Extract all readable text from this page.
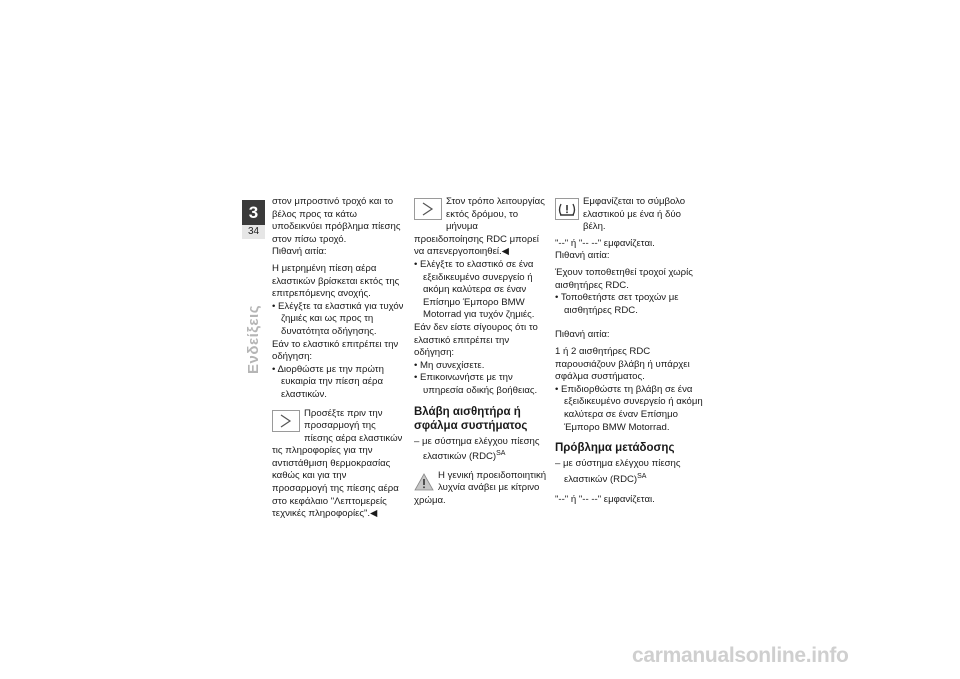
3
34
Ενδείξεις

στον μπροστινό τροχό και το βέλος προς τα κάτω υποδεικνύει πρόβλημα πίεσης στον πίσω τροχό.

Πιθανή αιτία:

Η μετρημένη πίεση αέρα ελαστικών βρίσκεται εκτός της επιτρεπόμενης ανοχής.

• Ελέγξτε τα ελαστικά για τυχόν ζημιές και ως προς τη δυνατότητα οδήγησης.

Εάν το ελαστικό επιτρέπει την οδήγηση:

• Διορθώστε με την πρώτη ευκαιρία την πίεση αέρα ελαστικών.

Προσέξτε πριν την προσαρμογή της πίεσης αέρα ελαστικών τις πληροφορίες για την αντιστάθμιση θερμοκρασίας καθώς και για την προσαρμογή της πίεσης αέρα στο κεφάλαιο "Λεπτομερείς τεχνικές πληροφορίες".◀
Στον τρόπο λειτουργίας εκτός δρόμου, το μήνυμα προειδοποίησης RDC μπορεί να απενεργοποιηθεί.◀

• Ελέγξτε το ελαστικό σε ένα εξειδικευμένο συνεργείο ή ακόμη καλύτερα σε έναν Επίσημο Έμπορο BMW Motorrad για τυχόν ζημιές.

Εάν δεν είστε σίγουρος ότι το ελαστικό επιτρέπει την οδήγηση:

• Μη συνεχίσετε.

• Επικοινωνήστε με την υπηρεσία οδικής βοήθειας.

Βλάβη αισθητήρα ή σφάλμα συστήματος

– με σύστημα ελέγχου πίεσης ελαστικών (RDC)$^{SA}$

Η γενική προειδοποιητική λυχνία ανάβει με κίτρινο χρώμα.
Εμφανίζεται το σύμβολο ελαστικού με ένα ή δύο βέλη.

"--" ή "-- --" εμφανίζεται.

Πιθανή αιτία:

Έχουν τοποθετηθεί τροχοί χωρίς αισθητήρες RDC.

• Τοποθετήστε σετ τροχών με αισθητήρες RDC.

Πιθανή αιτία:

1 ή 2 αισθητήρες RDC παρουσιάζουν βλάβη ή υπάρχει σφάλμα συστήματος.

• Επιδιορθώστε τη βλάβη σε ένα εξειδικευμένο συνεργείο ή ακόμη καλύτερα σε έναν Επίσημο Έμπορο BMW Motorrad.

Πρόβλημα μετάδοσης

– με σύστημα ελέγχου πίεσης ελαστικών (RDC)$^{SA}$

"--" ή "-- --" εμφανίζεται.

carmanualsonline.info
